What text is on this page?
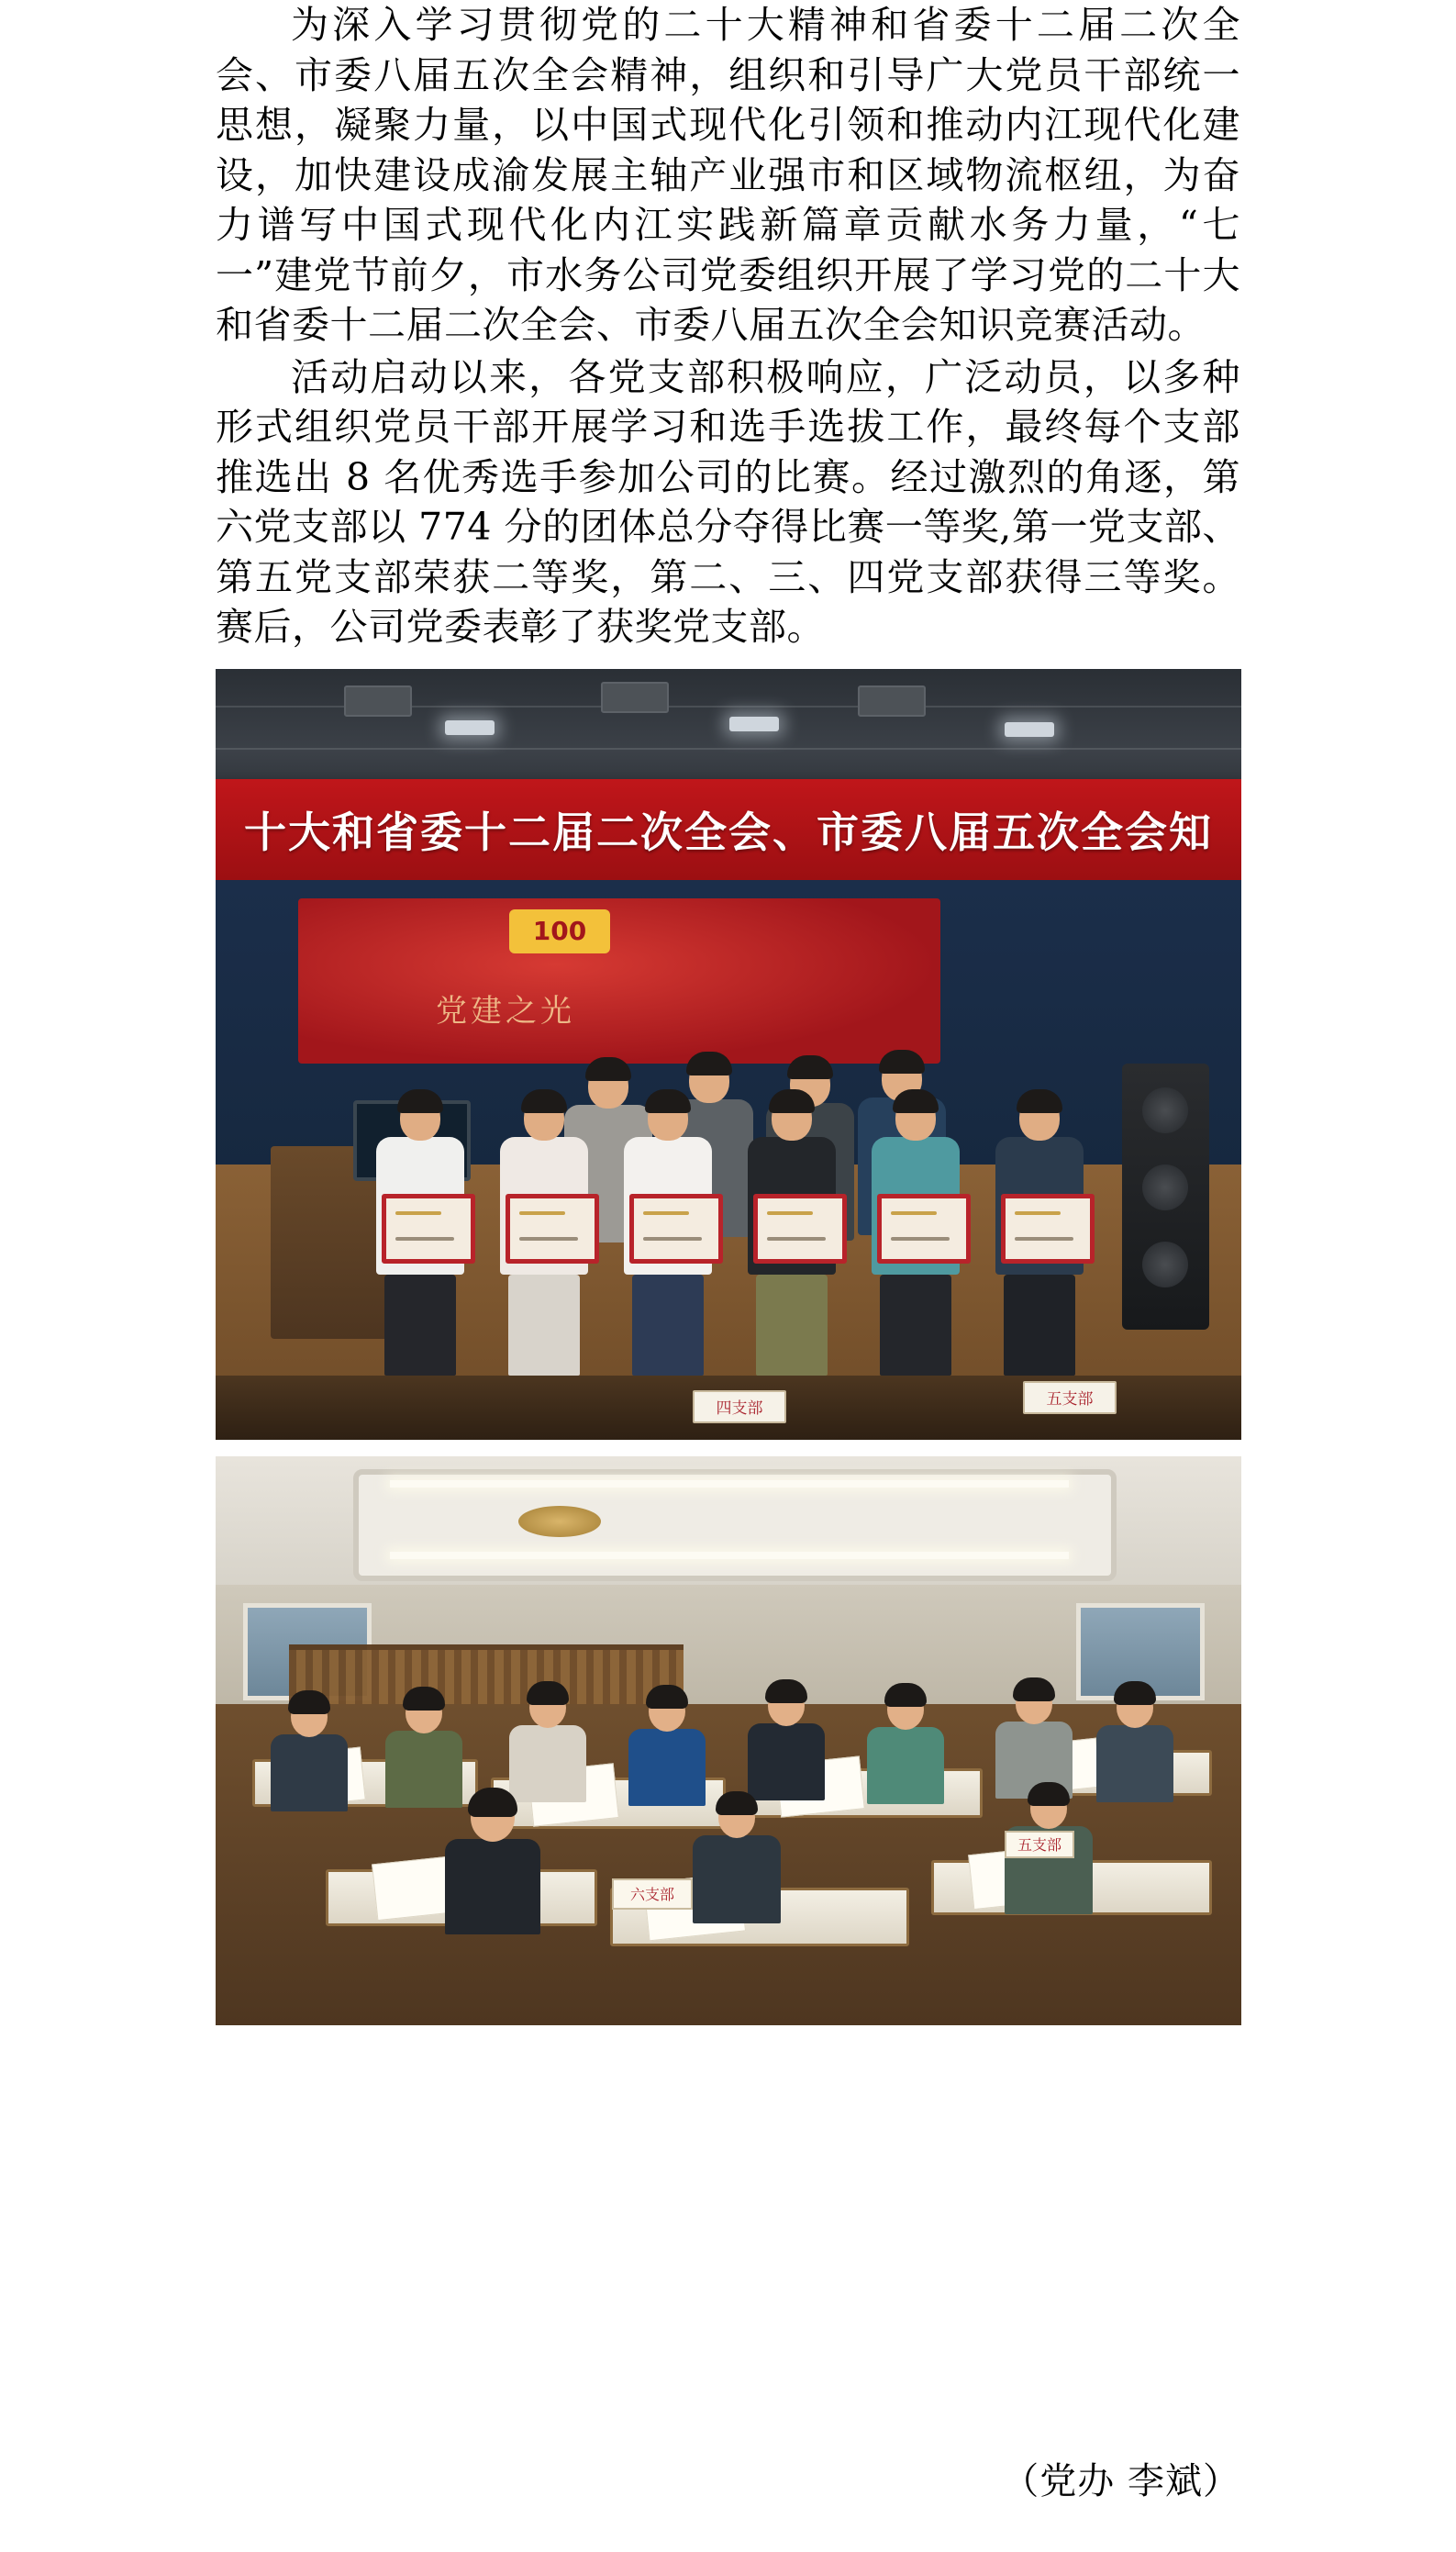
为深入学习贯彻党的二十大精神和省委十二届二次全会、市委八届五次全会精神，组织和引导广大党员干部统一思想，凝聚力量，以中国式现代化引领和推动内江现代化建设，加快建设成渝发展主轴产业强市和区域物流枢纽，为奋力谱写中国式现代化内江实践新篇章贡献水务力量，“七一”建党节前夕，市水务公司党委组织开展了学习党的二十大和省委十二届二次全会、市委八届五次全会知识竞赛活动。

活动启动以来，各党支部积极响应，广泛动员，以多种形式组织党员干部开展学习和选手选拔工作，最终每个支部推选出 8 名优秀选手参加公司的比赛。经过激烈的角逐，第六党支部以 774 分的团体总分夺得比赛一等奖,第一党支部、第五党支部荣获二等奖，第二、三、四党支部获得三等奖。赛后，公司党委表彰了获奖党支部。

十大和省委十二届二次全会、市委八届五次全会知
100
党建之光
四支部	五支部
六支部
五支部
（党办 李斌）
